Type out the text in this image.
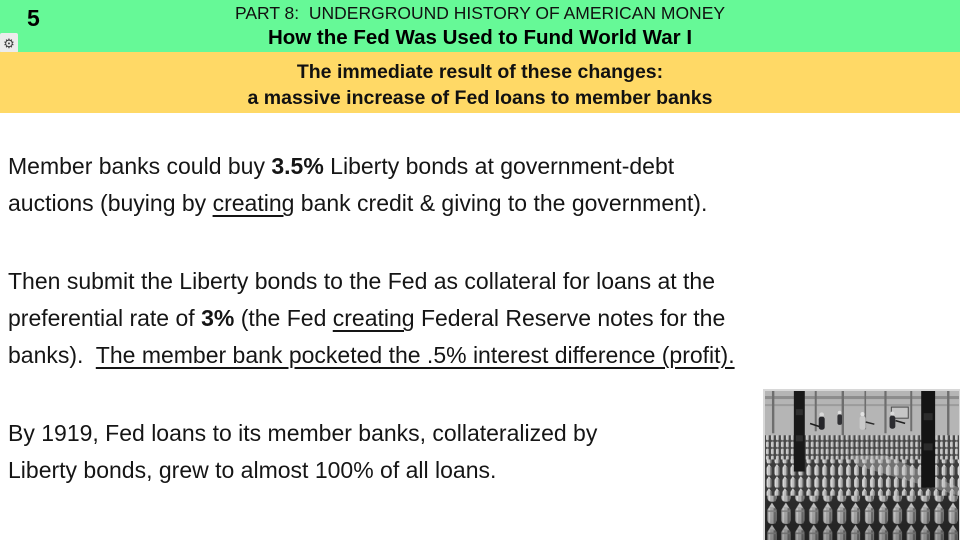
PART 8:  UNDERGROUND HISTORY OF AMERICAN MONEY
How the Fed Was Used to Fund World War I
5
⚙
The immediate result of these changes:
a massive increase of Fed loans to member banks

Member banks could buy 3.5% Liberty bonds at government-debt
auctions (buying by creating bank credit & giving to the government).

Then submit the Liberty bonds to the Fed as collateral for loans at the
preferential rate of 3% (the Fed creating Federal Reserve notes for the
banks).  The member bank pocketed the .5% interest difference (profit).

By 1919, Fed loans to its member banks, collateralized by
Liberty bonds, grew to almost 100% of all loans.
